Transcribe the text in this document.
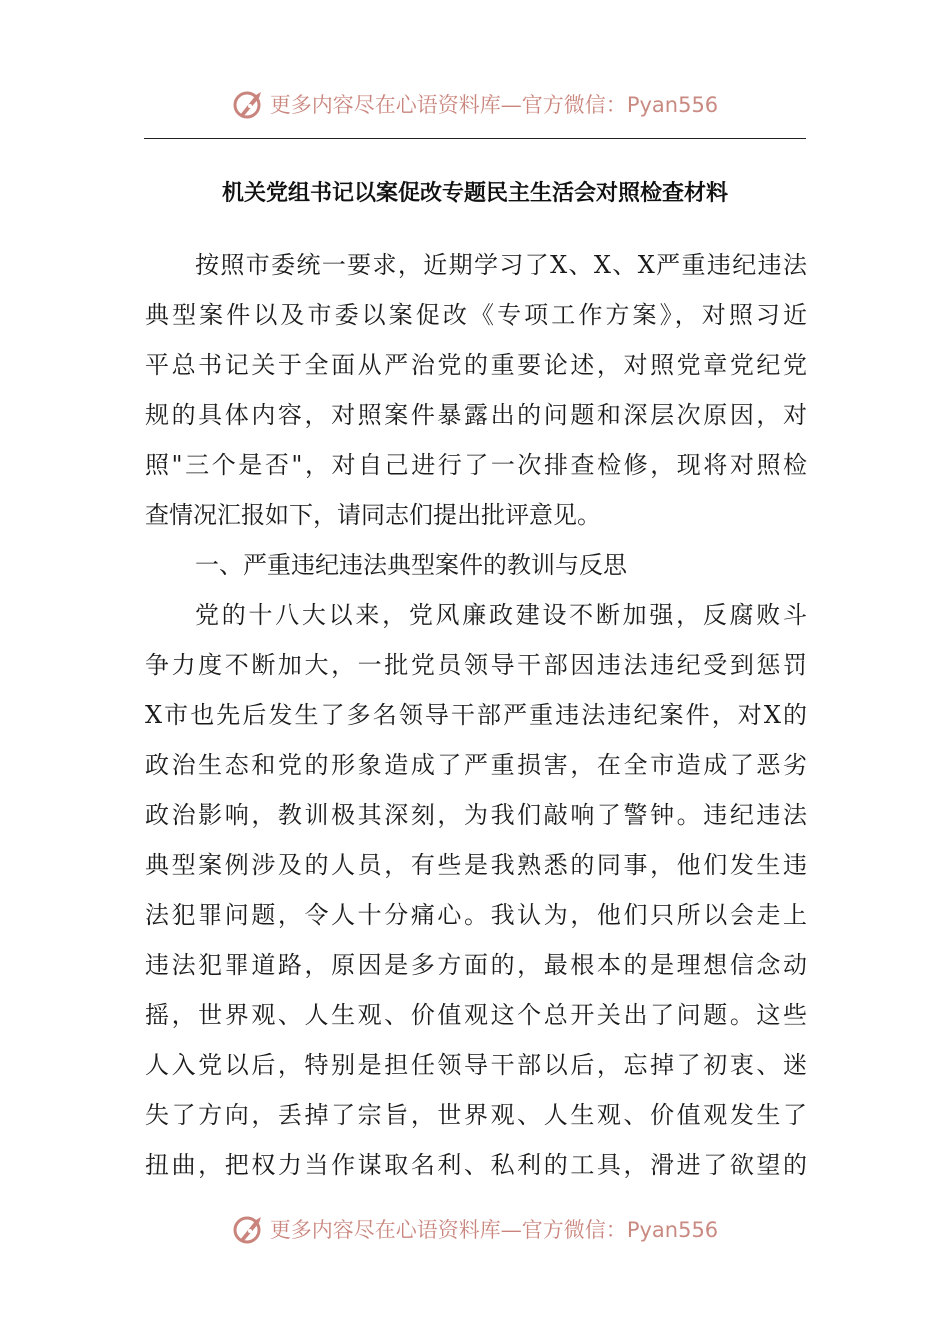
更多内容尽在心语资料库—官方微信：Pyan556
机关党组书记以案促改专题民主生活会对照检查材料
按照市委统一要求，近期学习了X、X、X严重违纪违法
典型案件以及市委以案促改《专项工作方案》，对照习近
平总书记关于全面从严治党的重要论述，对照党章党纪党
规的具体内容，对照案件暴露出的问题和深层次原因，对
照"三个是否"，对自己进行了一次排查检修，现将对照检
查情况汇报如下，请同志们提出批评意见。
一、严重违纪违法典型案件的教训与反思
党的十八大以来，党风廉政建设不断加强，反腐败斗
争力度不断加大，一批党员领导干部因违法违纪受到惩罚
X市也先后发生了多名领导干部严重违法违纪案件，对X的
政治生态和党的形象造成了严重损害，在全市造成了恶劣
政治影响，教训极其深刻，为我们敲响了警钟。违纪违法
典型案例涉及的人员，有些是我熟悉的同事，他们发生违
法犯罪问题，令人十分痛心。我认为，他们只所以会走上
违法犯罪道路，原因是多方面的，最根本的是理想信念动
摇，世界观、人生观、价值观这个总开关出了问题。这些
人入党以后，特别是担任领导干部以后，忘掉了初衷、迷
失了方向，丢掉了宗旨，世界观、人生观、价值观发生了
扭曲，把权力当作谋取名利、私利的工具，滑进了欲望的
更多内容尽在心语资料库—官方微信：Pyan556
